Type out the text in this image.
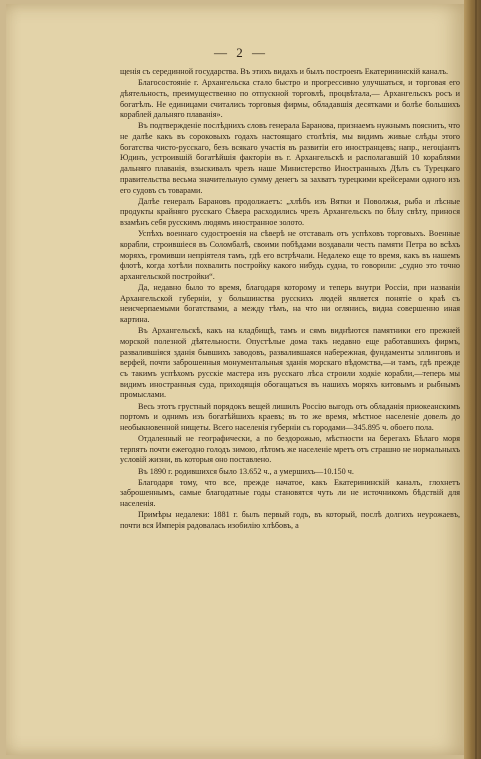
— 2 —

щенія съ серединной государства. Въ этихъ видахъ и былъ построенъ Екатерининскій каналъ.

Благосостояніе г. Архангельска стало быстро и прогрессивно улучшаться, и торговая его дѣятельность, преимущественно по отпускной торговлѣ, процвѣтала,— Архангельскъ росъ и богатѣлъ. Не единицами считались торговыя фирмы, обладавшія десятками и болѣе большихъ кораблей дальняго плаванія».

Въ подтвержденіе послѣднихъ словъ генерала Баранова, признаемъ нужнымъ пояснить, что не далѣе какъ въ сороковыхъ годахъ настоящаго столѣтія, мы видимъ живые слѣды этого богатства чисто-русскаго, безъ всякаго участія въ развитіи его иностранцевъ; напр., негоціантъ Юдинъ, устроившій богатѣйшія факторіи въ г. Архангельскѣ и располагавшій 10 кораблями дальняго плаванія, взыскивалъ чрезъ наше Министерство Иностранныхъ Дѣлъ съ Турецкаго правительства весьма значительную сумму денегъ за захватъ турецкими крейсерами одного изъ его судовъ съ товарами.

Далѣе генералъ Барановъ продолжаетъ: „хлѣбъ изъ Вятки и Поволжья, рыба и лѣсные продукты крайняго русскаго Сѣвера расходились чрезъ Архангельскъ по бѣлу свѣту, принося взамѣнъ себя русскимъ людямъ иностранное золото.

Успѣхъ военнаго судостроенія на сѣверѣ не отставалъ отъ успѣховъ торговыхъ. Военные корабли, строившіеся въ Соломбалѣ, своими побѣдами воздавали честь памяти Петра во всѣхъ моряхъ, громивши непріятеля тамъ, гдѣ его встрѣчали. Недалеко еще то время, какъ въ нашемъ флотѣ, когда хотѣли похвалить постройку какого нибудь судна, то говорили: „судно это точно архангельской постройки“.

Да, недавно было то время, благодаря которому и теперь внутри Россіи, при названіи Архангельской губерніи, у большинства русскихъ людей является понятіе о краѣ съ неисчерпаемыми богатствами, а между тѣмъ, на что ни оглянись, видна совершенно иная картина.

Въ Архангельскѣ, какъ на кладбищѣ, тамъ и сямъ виднѣются памятники его прежней морской полезной дѣятельности. Опустѣлые дома такъ недавно еще работавшихъ фирмъ, развалившіяся зданія бывшихъ заводовъ, развалившаяся набережная, фундаменты эллинговъ и верфей, почти заброшенныя монументальныя зданія морскаго вѣдомства,—и тамъ, гдѣ прежде съ такимъ успѣхомъ русскіе мастера изъ русскаго лѣса строили ходкіе корабли,—теперь мы видимъ иностранныя суда, приходящія обогащаться въ нашихъ моряхъ китовымъ и рыбнымъ промыслами.

Весь этотъ грустный порядокъ вещей лишилъ Россію выгодъ отъ обладанія приокеанскимъ портомъ и однимъ изъ богатѣйшихъ краевъ; въ то же время, мѣстное населеніе довелъ до необыкновенной нищеты. Всего населенія губерніи съ городами—345.895 ч. обоего пола.

Отдаленный не географически, а по бездорожью, мѣстности на берегахъ Бѣлаго моря терпятъ почти ежегодно голодъ зимою, лѣтомъ же населеніе мретъ отъ страшно не нормальныхъ условій жизни, въ которыя оно поставлено.

Въ 1890 г. родившихся было 13.652 ч., а умершихъ—10.150 ч.

Благодаря тому, что все, прежде начатое, какъ Екатерининскій каналъ, глохнетъ заброшеннымъ, самые благодатные годы становятся чуть ли не источникомъ бѣдствій для населенія.

Примѣры недалеки: 1881 г. былъ первый годъ, въ который, послѣ долгихъ неурожаевъ, почти вся Имперія радовалась изобилію хлѣбовъ, а
